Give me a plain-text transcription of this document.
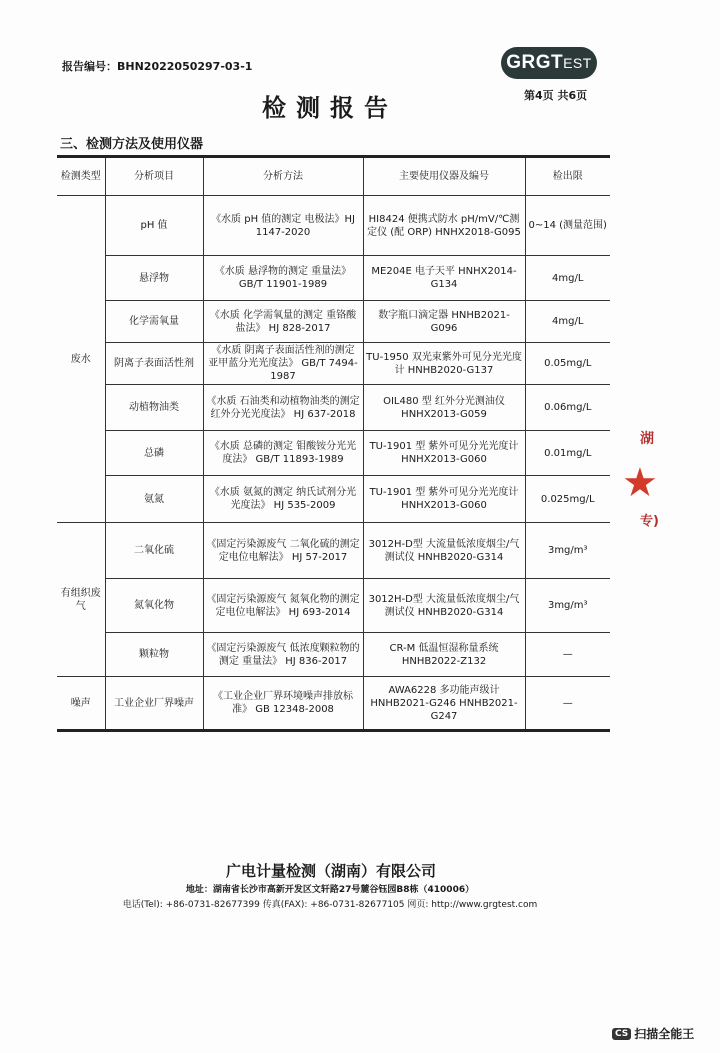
报告编号：BHN2022050297-03-1	GRGTEST
第4页 共6页
检测报告
三、检测方法及使用仪器
检测类型	分析项目	分析方法	主要使用仪器及编号	检出限
废水	pH 值	《水质 pH 值的测定 电极法》HJ 1147-2020	HI8424 便携式防水 pH/mV/℃测定仪 (配 ORP) HNHX2018-G095	0~14 (测量范围)
	悬浮物	《水质 悬浮物的测定 重量法》 GB/T 11901-1989	ME204E 电子天平 HNHX2014-G134	4mg/L
	化学需氧量	《水质 化学需氧量的测定 重铬酸盐法》 HJ 828-2017	数字瓶口滴定器 HNHB2021-G096	4mg/L
	阴离子表面活性剂	《水质 阴离子表面活性剂的测定 亚甲蓝分光光度法》 GB/T 7494-1987	TU-1950 双光束紫外可见分光光度计 HNHB2020-G137	0.05mg/L
	动植物油类	《水质 石油类和动植物油类的测定 红外分光光度法》 HJ 637-2018	OIL480 型 红外分光测油仪 HNHX2013-G059	0.06mg/L
	总磷	《水质 总磷的测定 钼酸铵分光光度法》 GB/T 11893-1989	TU-1901 型 紫外可见分光光度计 HNHX2013-G060	0.01mg/L
	氨氮	《水质 氨氮的测定 纳氏试剂分光光度法》 HJ 535-2009	TU-1901 型 紫外可见分光光度计 HNHX2013-G060	0.025mg/L
有组织废气	二氧化硫	《固定污染源废气 二氧化硫的测定 定电位电解法》 HJ 57-2017	3012H-D型 大流量低浓度烟尘/气测试仪 HNHB2020-G314	3mg/m³
	氮氧化物	《固定污染源废气 氮氧化物的测定 定电位电解法》 HJ 693-2014	3012H-D型 大流量低浓度烟尘/气测试仪 HNHB2020-G314	3mg/m³
	颗粒物	《固定污染源废气 低浓度颗粒物的测定 重量法》 HJ 836-2017	CR-M 低温恒湿称量系统 HNHB2022-Z132	—
噪声	工业企业厂界噪声	《工业企业厂界环境噪声排放标准》 GB 12348-2008	AWA6228 多功能声级计 HNHB2021-G246 HNHB2021-G247	—
湖
★
专)
广电计量检测（湖南）有限公司
地址：湖南省长沙市高新开发区文轩路27号麓谷钰园B8栋（410006）
电话(Tel): +86-0731-82677399 传真(FAX): +86-0731-82677105 网页: http://www.grgtest.com
CS 扫描全能王
